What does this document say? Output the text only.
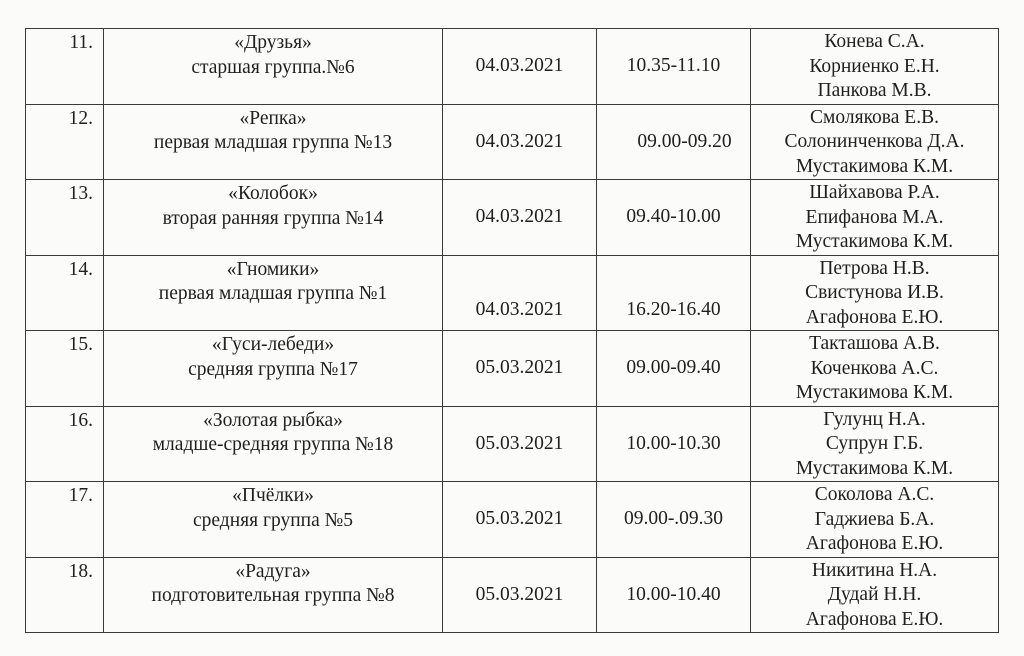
11.	«Друзья»
старшая группа.№6	04.03.2021	10.35-11.10	Конева С.А.
Корниенко Е.Н.
Панкова М.В.

12.	«Репка»
первая младшая группа №13	04.03.2021	09.00-09.20	Смолякова Е.В.
Солонинченкова Д.А.
Мустакимова К.М.

13.	«Колобок»
вторая ранняя группа №14	04.03.2021	09.40-10.00	Шайхавова Р.А.
Епифанова М.А.
Мустакимова К.М.

14.	«Гномики»
первая младшая группа №1	04.03.2021	16.20-16.40	Петрова Н.В.
Свистунова И.В.
Агафонова Е.Ю.

15.	«Гуси-лебеди»
средняя группа №17	05.03.2021	09.00-09.40	Такташова А.В.
Коченкова А.С.
Мустакимова К.М.

16.	«Золотая рыбка»
младше-средняя группа №18	05.03.2021	10.00-10.30	Гулунц Н.А.
Супрун Г.Б.
Мустакимова К.М.

17.	«Пчёлки»
средняя группа №5	05.03.2021	09.00-.09.30	Соколова А.С.
Гаджиева Б.А.
Агафонова Е.Ю.

18.	«Радуга»
подготовительная группа №8	05.03.2021	10.00-10.40	Никитина Н.А.
Дудай Н.Н.
Агафонова Е.Ю.
